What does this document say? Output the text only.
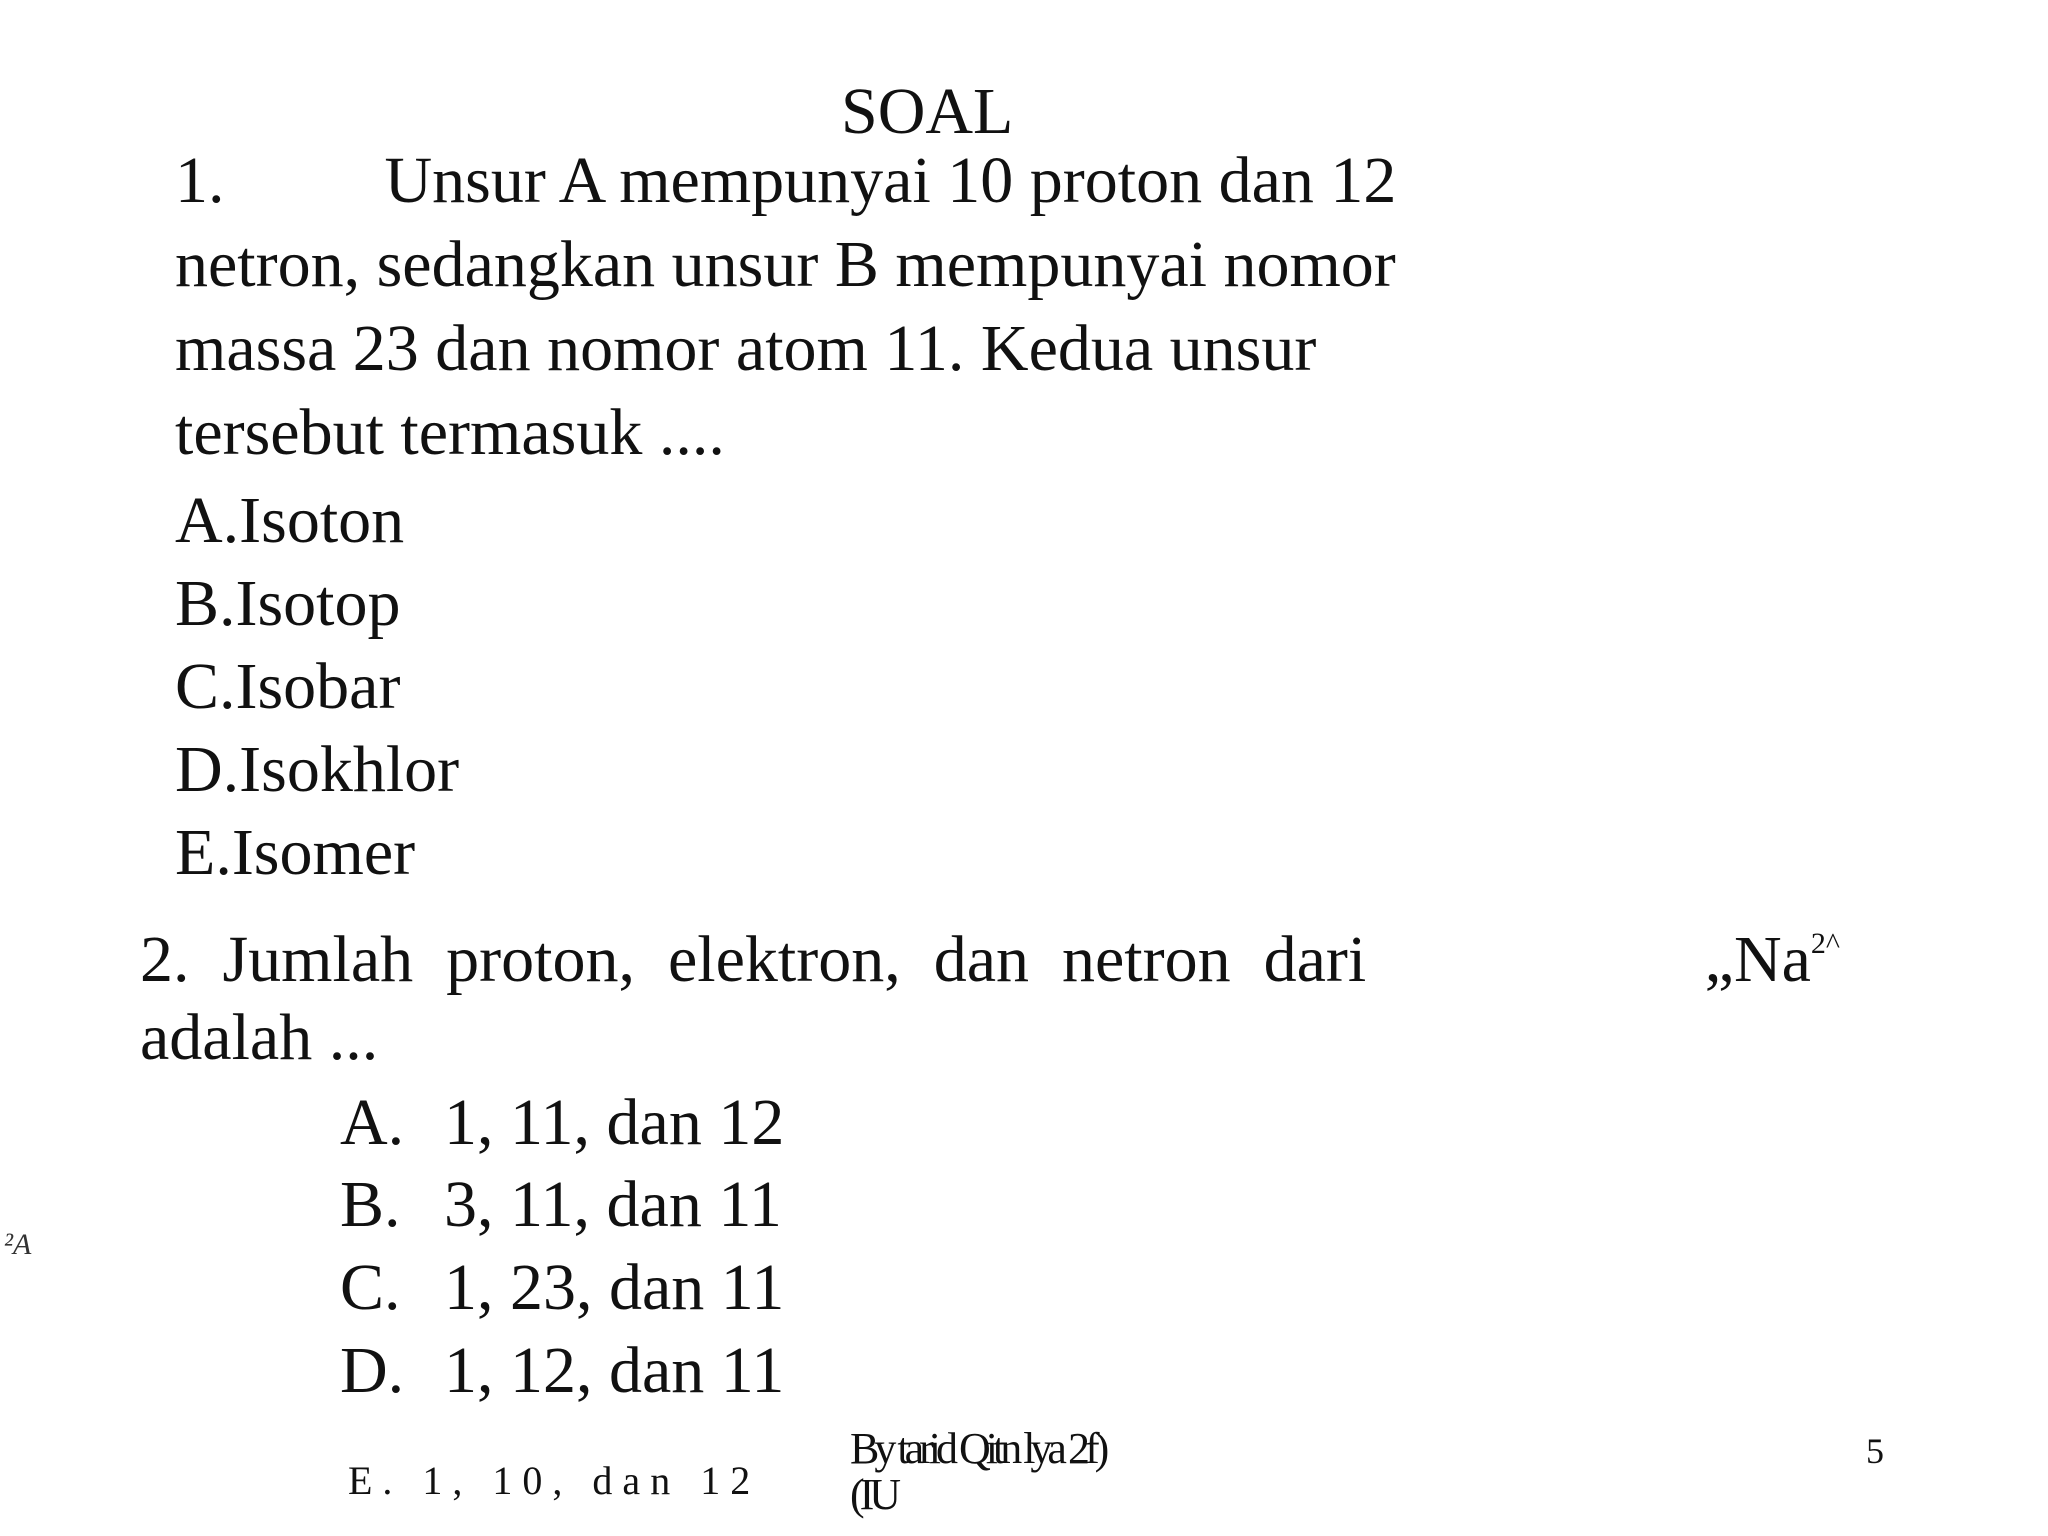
SOAL
1. Unsur A mempunyai 10 proton dan 12
netron, sedangkan unsur B mempunyai nomor
massa 23 dan nomor atom 11. Kedua unsur
tersebut termasuk ....
A.Isoton
B.Isotop
C.Isobar
D.Isokhlor
E.Isomer
2.  Jumlah  proton,  elektron,  dan  netron  dari	$„Na^{2\^{}}$
adalah ...
A. 1, 11, dan 12
B. 3, 11, dan 11
C. 1, 23, dan 11
D. 1, 12, dan 11
E. 1, 10, dan 12
²A
By tarid Qitn lya 2f)
(IU
5
